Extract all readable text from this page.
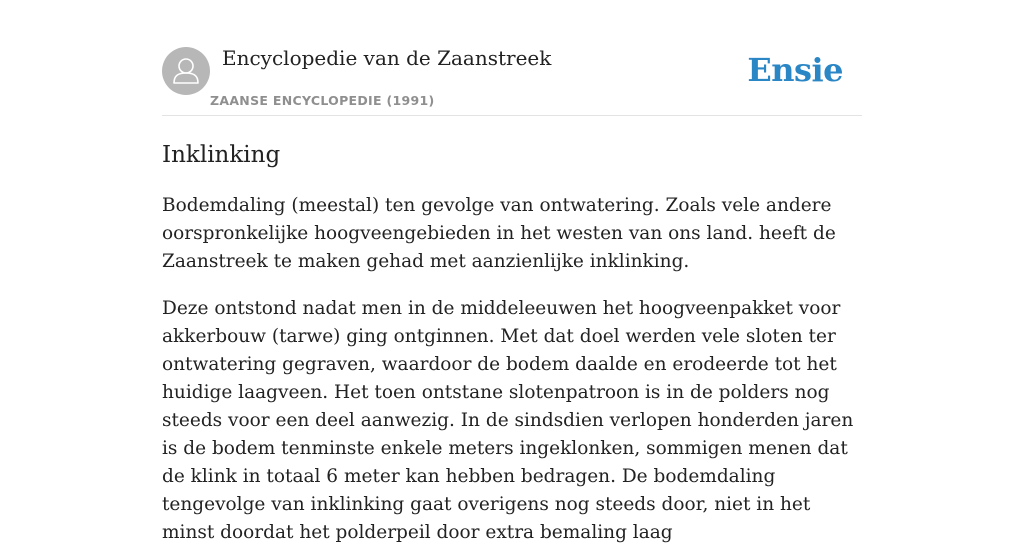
Encyclopedie van de Zaanstreek
ZAANSE ENCYCLOPEDIE (1991)
Ensie
Inklinking

Bodemdaling (meestal) ten gevolge van ontwatering. Zoals vele andere oorspronkelijke hoogveengebieden in het westen van ons land. heeft de Zaanstreek te maken gehad met aanzienlijke inklinking.

Deze ontstond nadat men in de middeleeuwen het hoogveenpakket voor akkerbouw (tarwe) ging ontginnen. Met dat doel werden vele sloten ter ontwatering gegraven, waardoor de bodem daalde en erodeerde tot het huidige laagveen. Het toen ontstane slotenpatroon is in de polders nog steeds voor een deel aanwezig. In de sindsdien verlopen honderden jaren is de bodem tenminste enkele meters ingeklonken, sommigen menen dat de klink in totaal 6 meter kan hebben bedragen. De bodemdaling tengevolge van inklinking gaat overigens nog steeds door, niet in het minst doordat het polderpeil door extra bemaling laag
